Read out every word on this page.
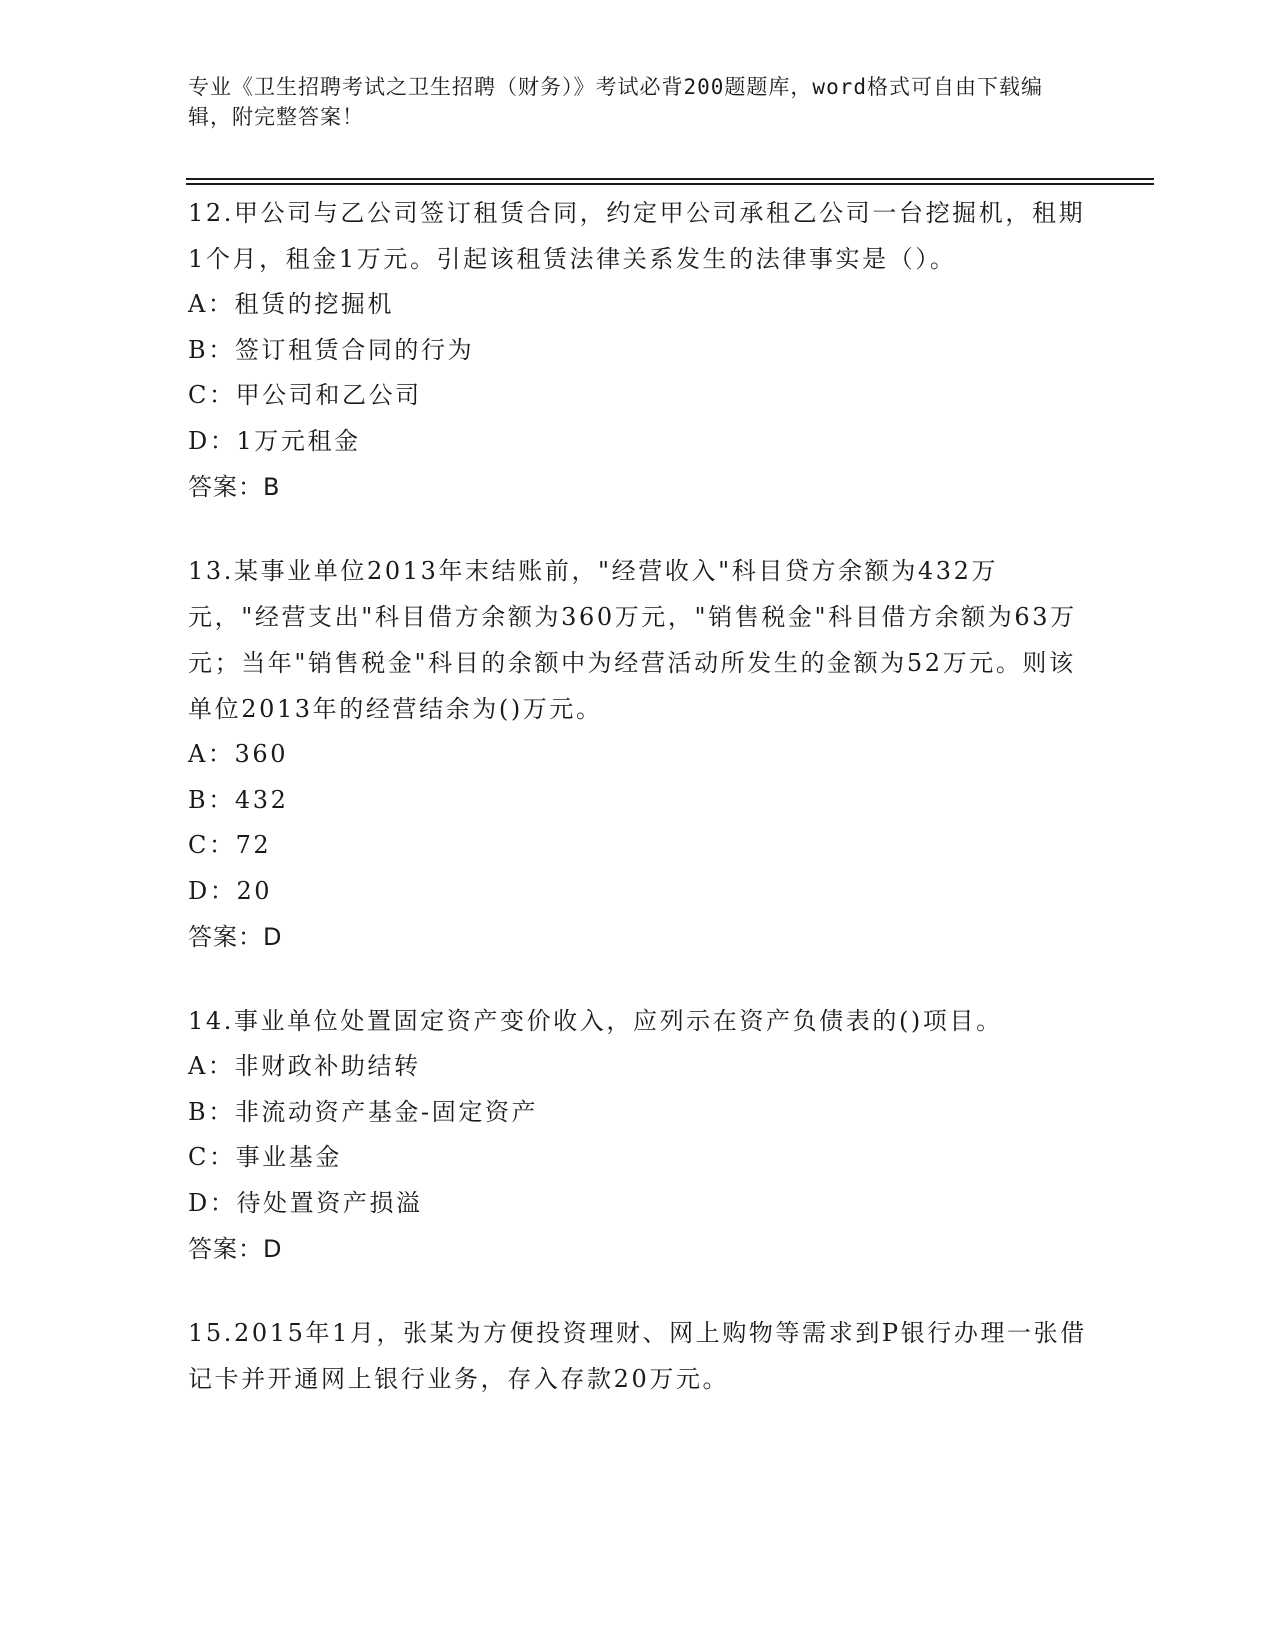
专业《卫生招聘考试之卫生招聘（财务）》考试必背200题题库，word格式可自由下载编辑，附完整答案！
12.甲公司与乙公司签订租赁合同，约定甲公司承租乙公司一台挖掘机，租期1个月，租金1万元。引起该租赁法律关系发生的法律事实是（）。
A：租赁的挖掘机
B：签订租赁合同的行为
C：甲公司和乙公司
D：1万元租金
答案：B
13.某事业单位2013年末结账前，"经营收入"科目贷方余额为432万元，"经营支出"科目借方余额为360万元，"销售税金"科目借方余额为63万元；当年"销售税金"科目的余额中为经营活动所发生的金额为52万元。则该单位2013年的经营结余为()万元。
A：360
B：432
C：72
D：20
答案：D
14.事业单位处置固定资产变价收入，应列示在资产负债表的()项目。
A：非财政补助结转
B：非流动资产基金-固定资产
C：事业基金
D：待处置资产损溢
答案：D
15.2015年1月，张某为方便投资理财、网上购物等需求到P银行办理一张借记卡并开通网上银行业务，存入存款20万元。
